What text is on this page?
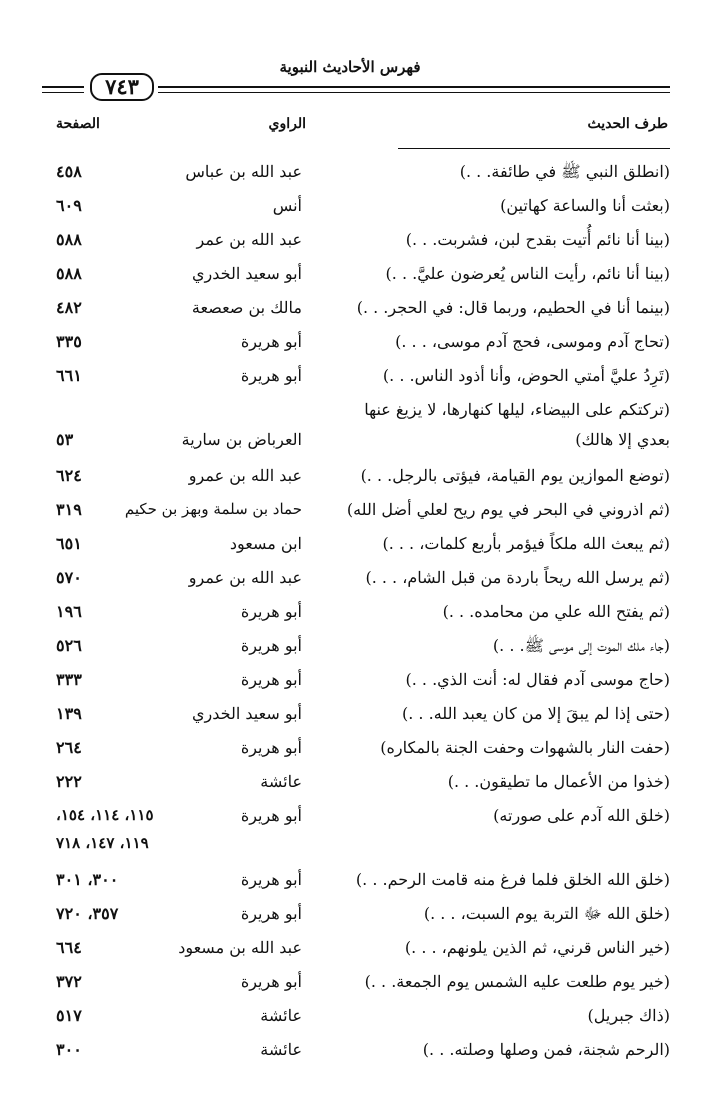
فهرس الأحاديث النبوية
٧٤٣
طرف الحديث
الراوي
الصفحة
(انطلق النبي ﷺ في طائفة. . .)
عبد الله بن عباس
٤٥٨
(بعثت أنا والساعة كهاتين)
أنس
٦٠٩
(بينا أنا نائم أُتيت بقدح لبن، فشربت. . .)
عبد الله بن عمر
٥٨٨
(بينا أنا نائم، رأيت الناس يُعرضون عليَّ. . .)
أبو سعيد الخدري
٥٨٨
(بينما أنا في الحطيم، وربما قال: في الحجر. . .)
مالك بن صعصعة
٤٨٢
(تحاج آدم وموسى، فحج آدم موسى، . . .)
أبو هريرة
٣٣٥
(تَرِدُ عليَّ أمتي الحوض، وأنا أذود الناس. . .)
أبو هريرة
٦٦١
(تركتكم على البيضاء، ليلها كنهارها، لا يزيغ عنها
بعدي إلا هالك)
العرباض بن سارية
٥٣
(توضع الموازين يوم القيامة، فيؤتى بالرجل. . .)
عبد الله بن عمرو
٦٢٤
(ثم اذروني في البحر في يوم ريح لعلي أضل الله)
حماد بن سلمة وبهز بن حكيم
٣١٩
(ثم يبعث الله ملكاً فيؤمر بأربع كلمات، . . .)
ابن مسعود
٦٥١
(ثم يرسل الله ريحاً باردة من قبل الشام، . . .)
عبد الله بن عمرو
٥٧٠
(ثم يفتح الله علي من محامده. . .)
أبو هريرة
١٩٦
(جاء ملك الموت إلى موسى ﷺ. . .)
أبو هريرة
٥٢٦
(حاج موسى آدم فقال له: أنت الذي. . .)
أبو هريرة
٣٣٣
(حتى إذا لم يبقَ إلا من كان يعبد الله. . .)
أبو سعيد الخدري
١٣٩
(حفت النار بالشهوات وحفت الجنة بالمكاره)
أبو هريرة
٢٦٤
(خذوا من الأعمال ما تطيقون. . .)
عائشة
٢٢٢
(خلق الله آدم على صورته)
أبو هريرة
١١٥، ١١٤، ١٥٤،
١١٩، ١٤٧، ٧١٨
(خلق الله الخلق فلما فرغ منه قامت الرحم. . .)
أبو هريرة
٣٠٠، ٣٠١
(خلق الله ﷻ التربة يوم السبت، . . .)
أبو هريرة
٣٥٧، ٧٢٠
(خير الناس قرني، ثم الذين يلونهم، . . .)
عبد الله بن مسعود
٦٦٤
(خير يوم طلعت عليه الشمس يوم الجمعة. . .)
أبو هريرة
٣٧٢
(ذاك جبريل)
عائشة
٥١٧
(الرحم شجنة، فمن وصلها وصلته. . .)
عائشة
٣٠٠
